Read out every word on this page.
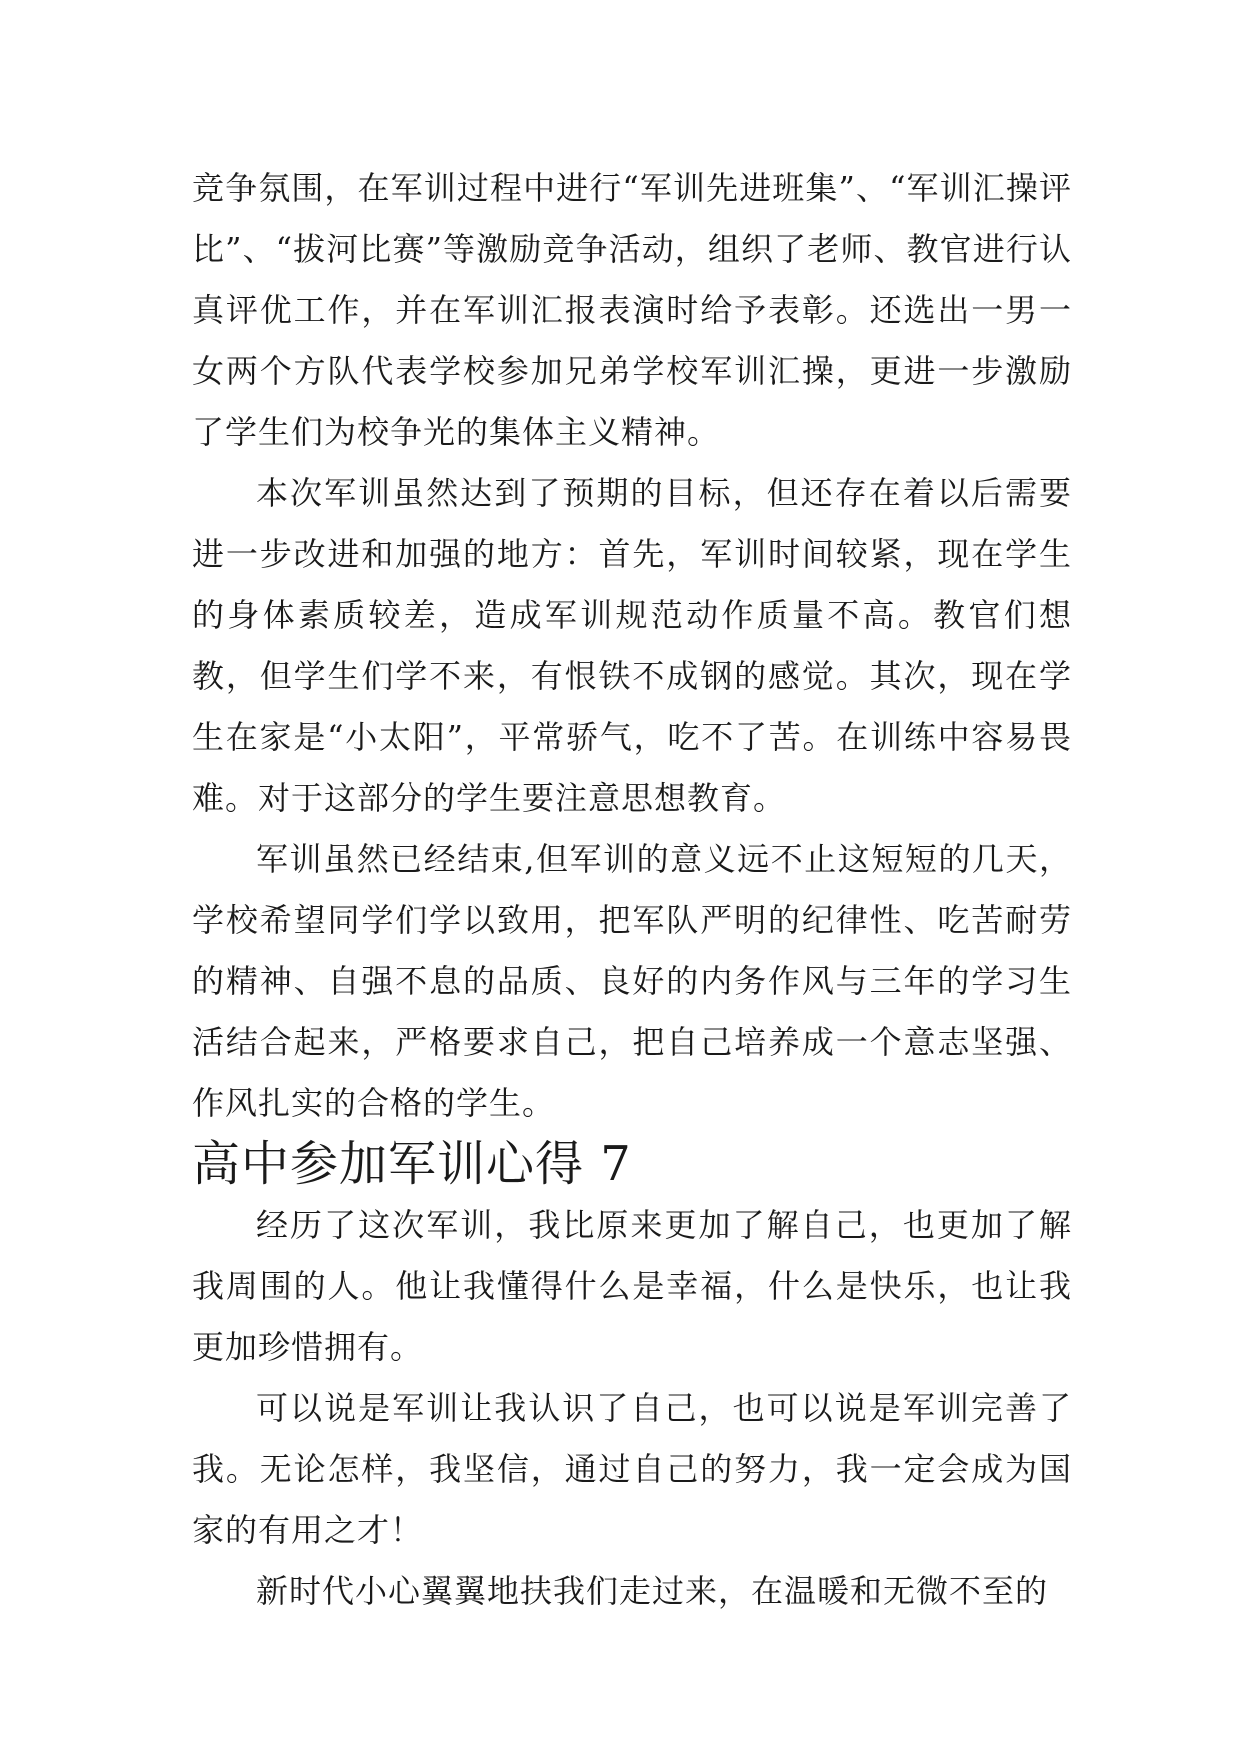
竞争氛围，在军训过程中进行“军训先进班集”、“军训汇操评比”、“拔河比赛”等激励竞争活动，组织了老师、教官进行认真评优工作，并在军训汇报表演时给予表彰。还选出一男一女两个方队代表学校参加兄弟学校军训汇操，更进一步激励了学生们为校争光的集体主义精神。

本次军训虽然达到了预期的目标，但还存在着以后需要进一步改进和加强的地方：首先，军训时间较紧，现在学生的身体素质较差，造成军训规范动作质量不高。教官们想教，但学生们学不来，有恨铁不成钢的感觉。其次，现在学生在家是“小太阳”，平常骄气，吃不了苦。在训练中容易畏难。对于这部分的学生要注意思想教育。

军训虽然已经结束,但军训的意义远不止这短短的几天，学校希望同学们学以致用，把军队严明的纪律性、吃苦耐劳的精神、自强不息的品质、良好的内务作风与三年的学习生活结合起来，严格要求自己，把自己培养成一个意志坚强、作风扎实的合格的学生。

高中参加军训心得 7

经历了这次军训，我比原来更加了解自己，也更加了解我周围的人。他让我懂得什么是幸福，什么是快乐，也让我更加珍惜拥有。

可以说是军训让我认识了自己，也可以说是军训完善了我。无论怎样，我坚信，通过自己的努力，我一定会成为国家的有用之才！

新时代小心翼翼地扶我们走过来，在温暖和无微不至的
